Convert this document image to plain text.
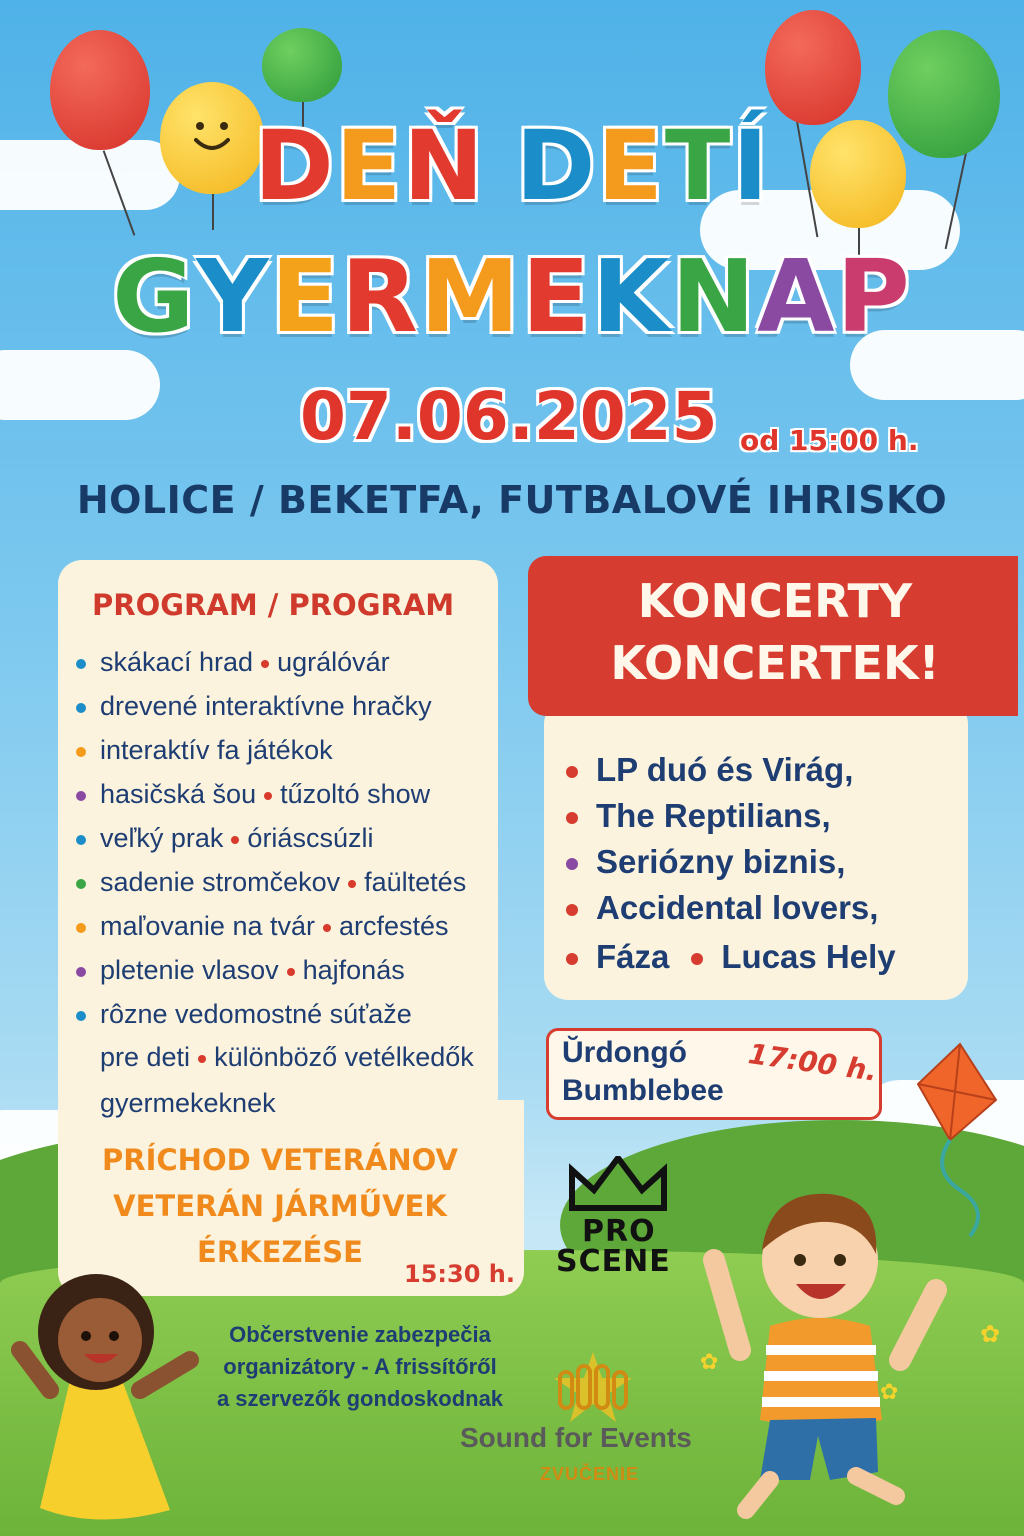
DEŇ DETÍ
GYERMEKNAP
07.06.2025 od 15:00 h.
HOLICE / BEKETFA, FUTBALOVÉ IHRISKO
PROGRAM / PROGRAM
skákací hrad ugrálóvár
drevené interaktívne hračky
interaktív fa játékok
hasičská šou tűzoltó show
veľký prak óriáscsúzli
sadenie stromčekov faültetés
maľovanie na tvár arcfestés
pletenie vlasov hajfonás
rôzne vedomostné súťaže
pre deti különböző vetélkedők
gyermekeknek
PRÍCHOD VETERÁNOV
VETERÁN JÁRMŰVEK
ÉRKEZÉSE
15:30 h.
KONCERTY
KONCERTEK!
LP duó és Virág,
The Reptilians,
Seriózny biznis,
Accidental lovers,
Fáza Lucas Hely
Ŭrdongó
Bumblebee
17:00 h.
PRO
SCENE
Občerstvenie zabezpečia
organizátory - A frissítőről
a szervezők gondoskodnak
Sound for Events
ZVUČENIE
✿
✿
✿
